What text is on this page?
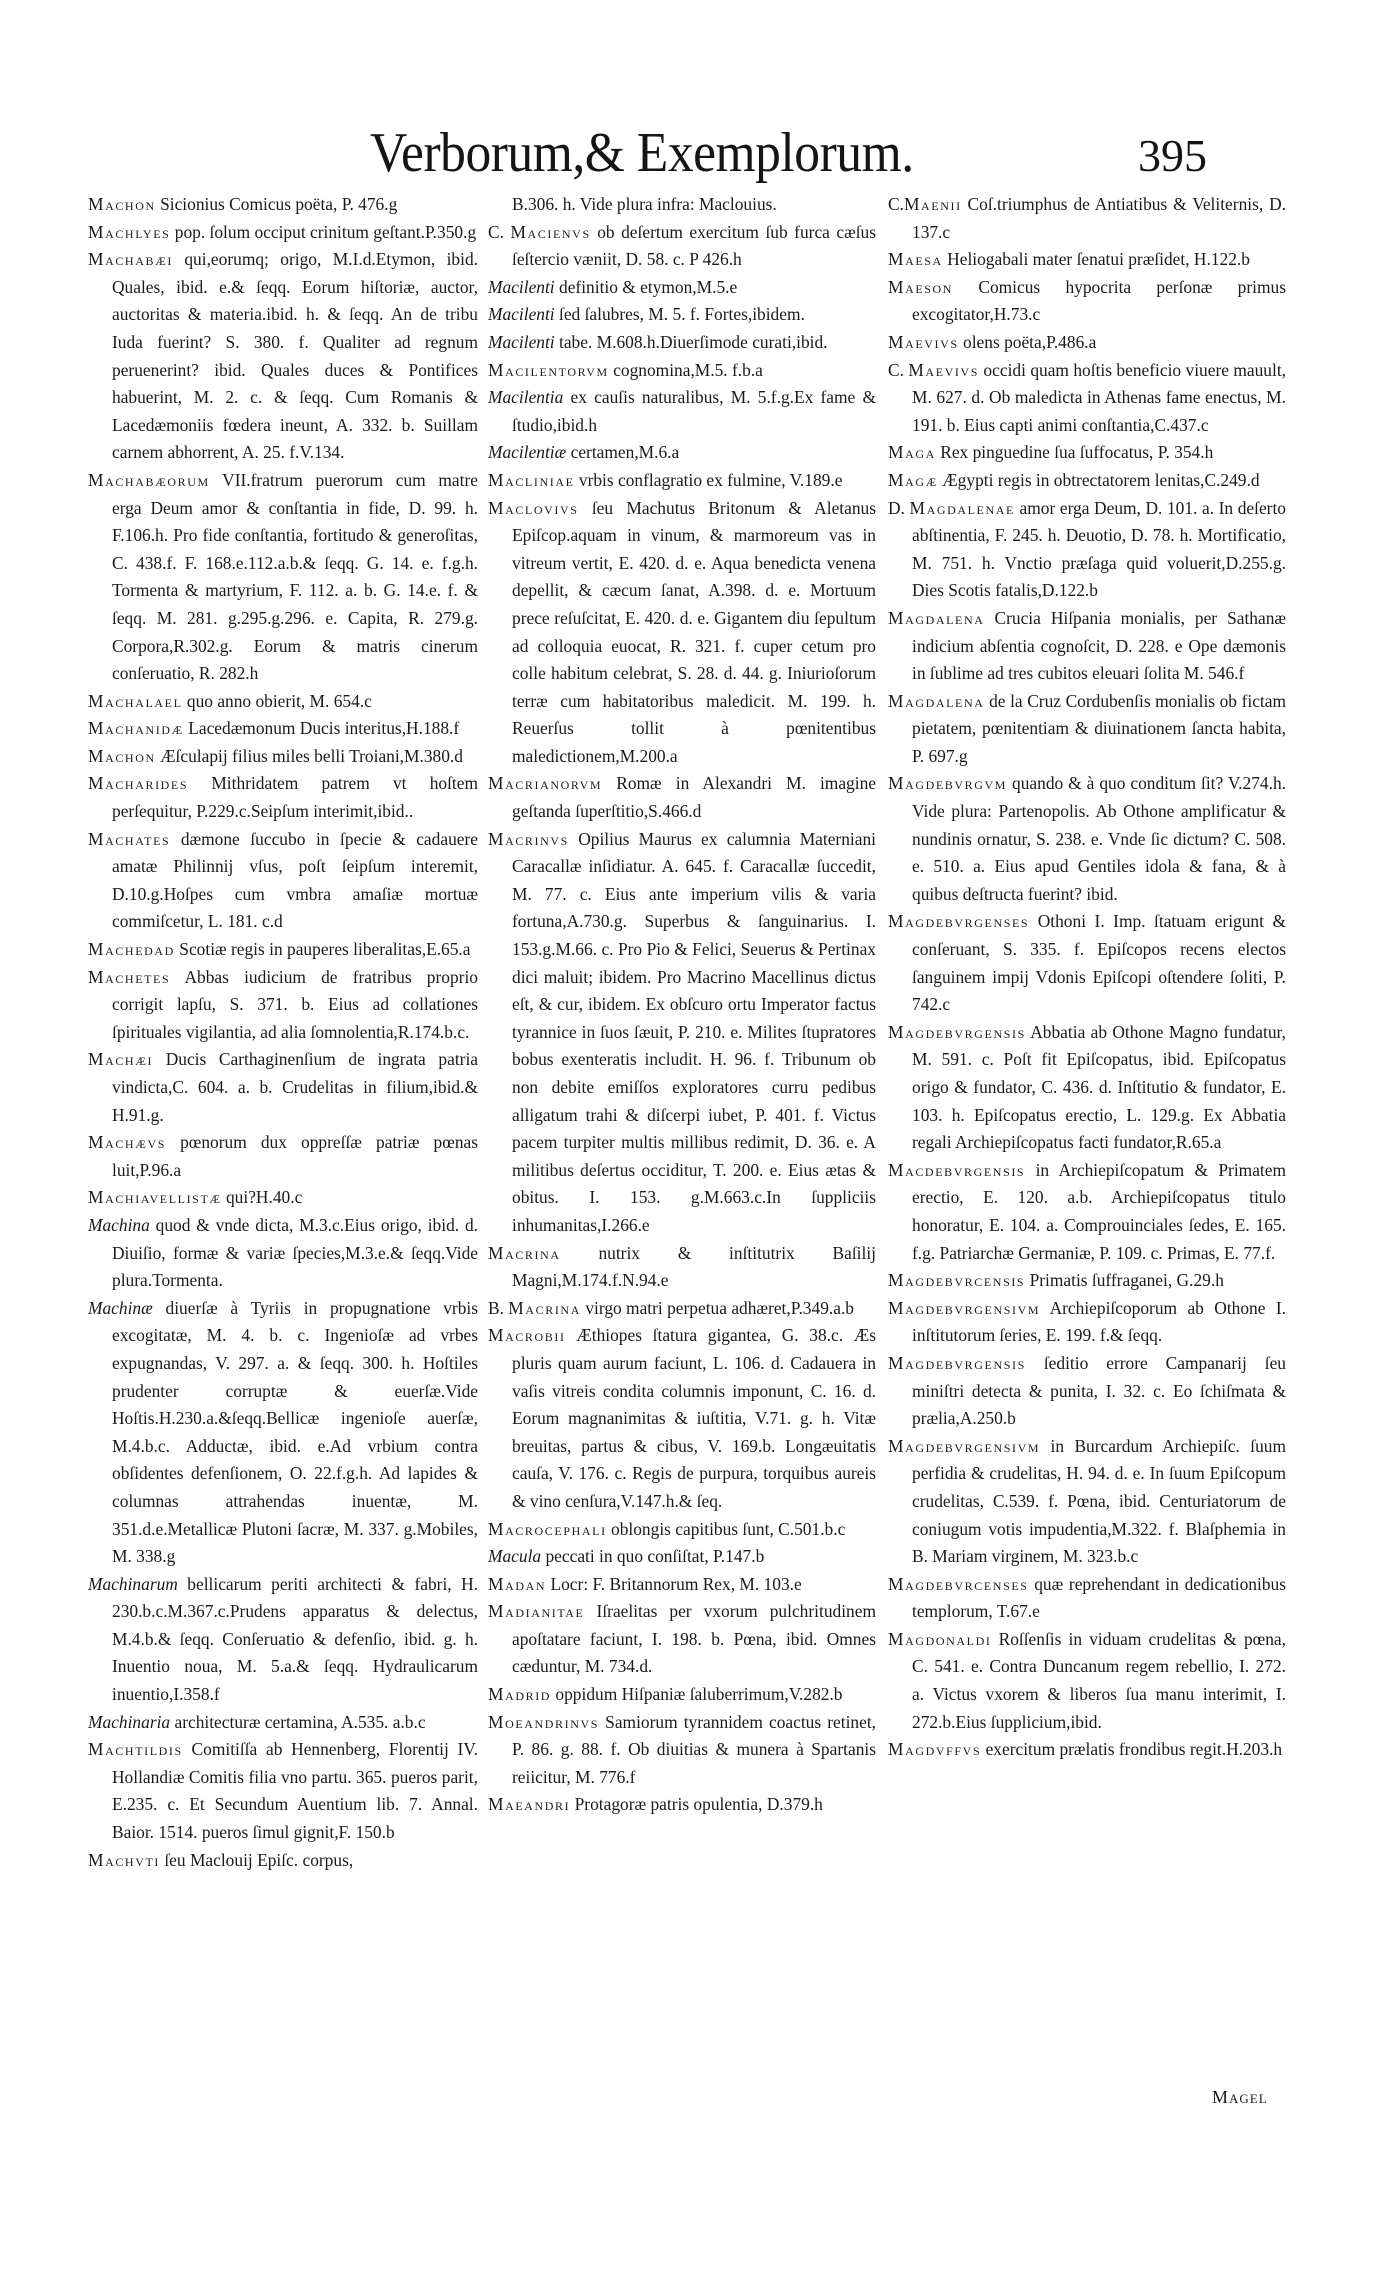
Verborum,& Exemplorum.	395

Machon Sicionius Comicus poëta, P. 476.g

Machlyes pop. ſolum occiput crinitum geſtant.P.350.g

Machabæi qui,eorumq; origo, M.I.d.Etymon, ibid. Quales, ibid. e.& ſeqq. Eorum hiſtoriæ, auctor, auctoritas & materia.ibid. h. & ſeqq. An de tribu Iuda fuerint? S. 380. f. Qualiter ad regnum peruenerint? ibid. Quales duces & Pontifices habuerint, M. 2. c. & ſeqq. Cum Romanis & Lacedæmoniis fœdera ineunt, A. 332. b. Suillam carnem abhorrent, A. 25. f.V.134.

Machabæorum VII.fratrum puerorum cum matre erga Deum amor & conſtantia in fide, D. 99. h. F.106.h. Pro fide conſtantia, fortitudo & generoſitas, C. 438.f. F. 168.e.112.a.b.& ſeqq. G. 14. e. f.g.h. Tormenta & martyrium, F. 112. a. b. G. 14.e. f. & ſeqq. M. 281. g.295.g.296. e. Capita, R. 279.g. Corpora,R.302.g. Eorum & matris cinerum conſeruatio, R. 282.h

Machalael quo anno obierit, M. 654.c

Machanidæ Lacedæmonum Ducis interitus,H.188.f

Machon Æſculapij filius miles belli Troiani,M.380.d

Macharides Mithridatem patrem vt hoſtem perſequitur, P.229.c.Seipſum interimit,ibid..

Machates dæmone ſuccubo in ſpecie & cadauere amatæ Philinnij vſus, poſt ſeipſum interemit, D.10.g.Hoſpes cum vmbra amaſiæ mortuæ commiſcetur, L. 181. c.d

Machedad Scotiæ regis in pauperes liberalitas,E.65.a

Machetes Abbas iudicium de fratribus proprio corrigit lapſu, S. 371. b. Eius ad collationes ſpirituales vigilantia, ad alia ſomnolentia,R.174.b.c.

Machæi Ducis Carthaginenſium de ingrata patria vindicta,C. 604. a. b. Crudelitas in filium,ibid.& H.91.g.

Machævs pœnorum dux oppreſſæ patriæ pœnas luit,P.96.a

Machiavellistæ qui?H.40.c

Machina quod & vnde dicta, M.3.c.Eius origo, ibid. d. Diuiſio, formæ & variæ ſpecies,M.3.e.& ſeqq.Vide plura.Tormenta.

Machinæ diuerſæ à Tyriis in propugnatione vrbis excogitatæ, M. 4. b. c. Ingenioſæ ad vrbes expugnandas, V. 297. a. & ſeqq. 300. h. Hoſtiles prudenter corruptæ & euerſæ.Vide Hoſtis.H.230.a.&ſeqq.Bellicæ ingenioſe auerſæ, M.4.b.c. Adductæ, ibid. e.Ad vrbium contra obſidentes defenſionem, O. 22.f.g.h. Ad lapides & columnas attrahendas inuentæ, M. 351.d.e.Metallicæ Plutoni ſacræ, M. 337. g.Mobiles, M. 338.g

Machinarum bellicarum periti architecti & fabri, H. 230.b.c.M.367.c.Prudens apparatus & delectus, M.4.b.& ſeqq. Conſeruatio & defenſio, ibid. g. h. Inuentio noua, M. 5.a.& ſeqq. Hydraulicarum inuentio,I.358.f

Machinaria architecturæ certamina, A.535. a.b.c

Machtildis Comitiſſa ab Hennenberg, Florentij IV. Hollandiæ Comitis filia vno partu. 365. pueros parit, E.235. c. Et Secundum Auentium lib. 7. Annal. Baior. 1514. pueros ſimul gignit,F. 150.b

Machvti ſeu Maclouij Epiſc. corpus,

B.306. h. Vide plura infra: Maclouius.

C. Macienvs ob deſertum exercitum ſub furca cæſus ſeſtercio væniit, D. 58. c. P 426.h

Macilenti definitio & etymon,M.5.e

Macilenti ſed ſalubres, M. 5. f. Fortes,ibidem.

Macilenti tabe. M.608.h.Diuerſimode curati,ibid.

Macilentorvm cognomina,M.5. f.b.a

Macilentia ex cauſis naturalibus, M. 5.f.g.Ex fame & ſtudio,ibid.h

Macilentiæ certamen,M.6.a

Macliniae vrbis conflagratio ex fulmine, V.189.e

Maclovivs ſeu Machutus Britonum & Aletanus Epiſcop.aquam in vinum, & marmoreum vas in vitreum vertit, E. 420. d. e. Aqua benedicta venena depellit, & cæcum ſanat, A.398. d. e. Mortuum prece reſuſcitat, E. 420. d. e. Gigantem diu ſepultum ad colloquia euocat, R. 321. f. cuper cetum pro colle habitum celebrat, S. 28. d. 44. g. Iniurioſorum terræ cum habitatoribus maledicit. M. 199. h. Reuerſus tollit à pœnitentibus maledictionem,M.200.a

Macrianorvm Romæ in Alexandri M. imagine geſtanda ſuperſtitio,S.466.d

Macrinvs Opilius Maurus ex calumnia Materniani Caracallæ inſidiatur. A. 645. f. Caracallæ ſuccedit, M. 77. c. Eius ante imperium vilis & varia fortuna,A.730.g. Superbus & ſanguinarius. I. 153.g.M.66. c. Pro Pio & Felici, Seuerus & Pertinax dici maluit; ibidem. Pro Macrino Macellinus dictus eſt, & cur, ibidem. Ex obſcuro ortu Imperator factus tyrannice in ſuos ſæuit, P. 210. e. Milites ſtupratores bobus exenteratis includit. H. 96. f. Tribunum ob non debite emiſſos exploratores curru pedibus alligatum trahi & diſcerpi iubet, P. 401. f. Victus pacem turpiter multis millibus redimit, D. 36. e. A militibus deſertus occiditur, T. 200. e. Eius ætas & obitus. I. 153. g.M.663.c.In ſuppliciis inhumanitas,I.266.e

Macrina nutrix & inſtitutrix Baſilij Magni,M.174.f.N.94.e

B. Macrina virgo matri perpetua adhæret,P.349.a.b

Macrobii Æthiopes ſtatura gigantea, G. 38.c. Æs pluris quam aurum faciunt, L. 106. d. Cadauera in vaſis vitreis condita columnis imponunt, C. 16. d. Eorum magnanimitas & iuſtitia, V.71. g. h. Vitæ breuitas, partus & cibus, V. 169.b. Longæuitatis cauſa, V. 176. c. Regis de purpura, torquibus aureis & vino cenſura,V.147.h.& ſeq.

Macrocephali oblongis capitibus ſunt, C.501.b.c

Macula peccati in quo conſiſtat, P.147.b

Madan Locr: F. Britannorum Rex, M. 103.e

Madianitae Iſraelitas per vxorum pulchritudinem apoſtatare faciunt, I. 198. b. Pœna, ibid. Omnes cæduntur, M. 734.d.

Madrid oppidum Hiſpaniæ ſaluberrimum,V.282.b

Moeandrinvs Samiorum tyrannidem coactus retinet, P. 86. g. 88. f. Ob diuitias & munera à Spartanis reiicitur, M. 776.f

Maeandri Protagoræ patris opulentia, D.379.h

C.Maenii Coſ.triumphus de Antiatibus & Veliternis, D. 137.c

Maesa Heliogabali mater ſenatui præſidet, H.122.b

Maeson Comicus hypocrita perſonæ primus excogitator,H.73.c

Maevivs olens poëta,P.486.a

C. Maevivs occidi quam hoſtis beneficio viuere mauult, M. 627. d. Ob maledicta in Athenas fame enectus, M. 191. b. Eius capti animi conſtantia,C.437.c

Maga Rex pinguedine ſua ſuffocatus, P. 354.h

Magæ Ægypti regis in obtrectatorem lenitas,C.249.d

D. Magdalenae amor erga Deum, D. 101. a. In deſerto abſtinentia, F. 245. h. Deuotio, D. 78. h. Mortificatio, M. 751. h. Vnctio præſaga quid voluerit,D.255.g. Dies Scotis fatalis,D.122.b

Magdalena Crucia Hiſpania monialis, per Sathanæ indicium abſentia cognoſcit, D. 228. e Ope dæmonis in ſublime ad tres cubitos eleuari ſolita M. 546.f

Magdalena de la Cruz Cordubenſis monialis ob fictam pietatem, pœnitentiam & diuinationem ſancta habita, P. 697.g

Magdebvrgvm quando & à quo conditum ſit? V.274.h. Vide plura: Partenopolis. Ab Othone amplificatur & nundinis ornatur, S. 238. e. Vnde ſic dictum? C. 508. e. 510. a. Eius apud Gentiles idola & fana, & à quibus deſtructa fuerint? ibid.

Magdebvrgenses Othoni I. Imp. ſtatuam erigunt & conſeruant, S. 335. f. Epiſcopos recens electos ſanguinem impij Vdonis Epiſcopi oſtendere ſoliti, P. 742.c

Magdebvrgensis Abbatia ab Othone Magno fundatur, M. 591. c. Poſt fit Epiſcopatus, ibid. Epiſcopatus origo & fundator, C. 436. d. Inſtitutio & fundator, E. 103. h. Epiſcopatus erectio, L. 129.g. Ex Abbatia regali Archiepiſcopatus facti fundator,R.65.a

Macdebvrgensis in Archiepiſcopatum & Primatem erectio, E. 120. a.b. Archiepiſcopatus titulo honoratur, E. 104. a. Comprouinciales ſedes, E. 165. f.g. Patriarchæ Germaniæ, P. 109. c. Primas, E. 77.f.

Magdebvrcensis Primatis ſuffraganei, G.29.h

Magdebvrgensivm Archiepiſcoporum ab Othone I. inſtitutorum ſeries, E. 199. f.& ſeqq.

Magdebvrgensis ſeditio errore Campanarij ſeu miniſtri detecta & punita, I. 32. c. Eo ſchiſmata & prælia,A.250.b

Magdebvrgensivm in Burcardum Archiepiſc. ſuum perfidia & crudelitas, H. 94. d. e. In ſuum Epiſcopum crudelitas, C.539. f. Pœna, ibid. Centuriatorum de coniugum votis impudentia,M.322. f. Blaſphemia in B. Mariam virginem, M. 323.b.c

Magdebvrcenses quæ reprehendant in dedicationibus templorum, T.67.e

Magdonaldi Roſſenſis in viduam crudelitas & pœna, C. 541. e. Contra Duncanum regem rebellio, I. 272. a. Victus vxorem & liberos ſua manu interimit, I. 272.b.Eius ſupplicium,ibid.

Magdvffvs exercitum prælatis frondibus regit.H.203.h

Magel
